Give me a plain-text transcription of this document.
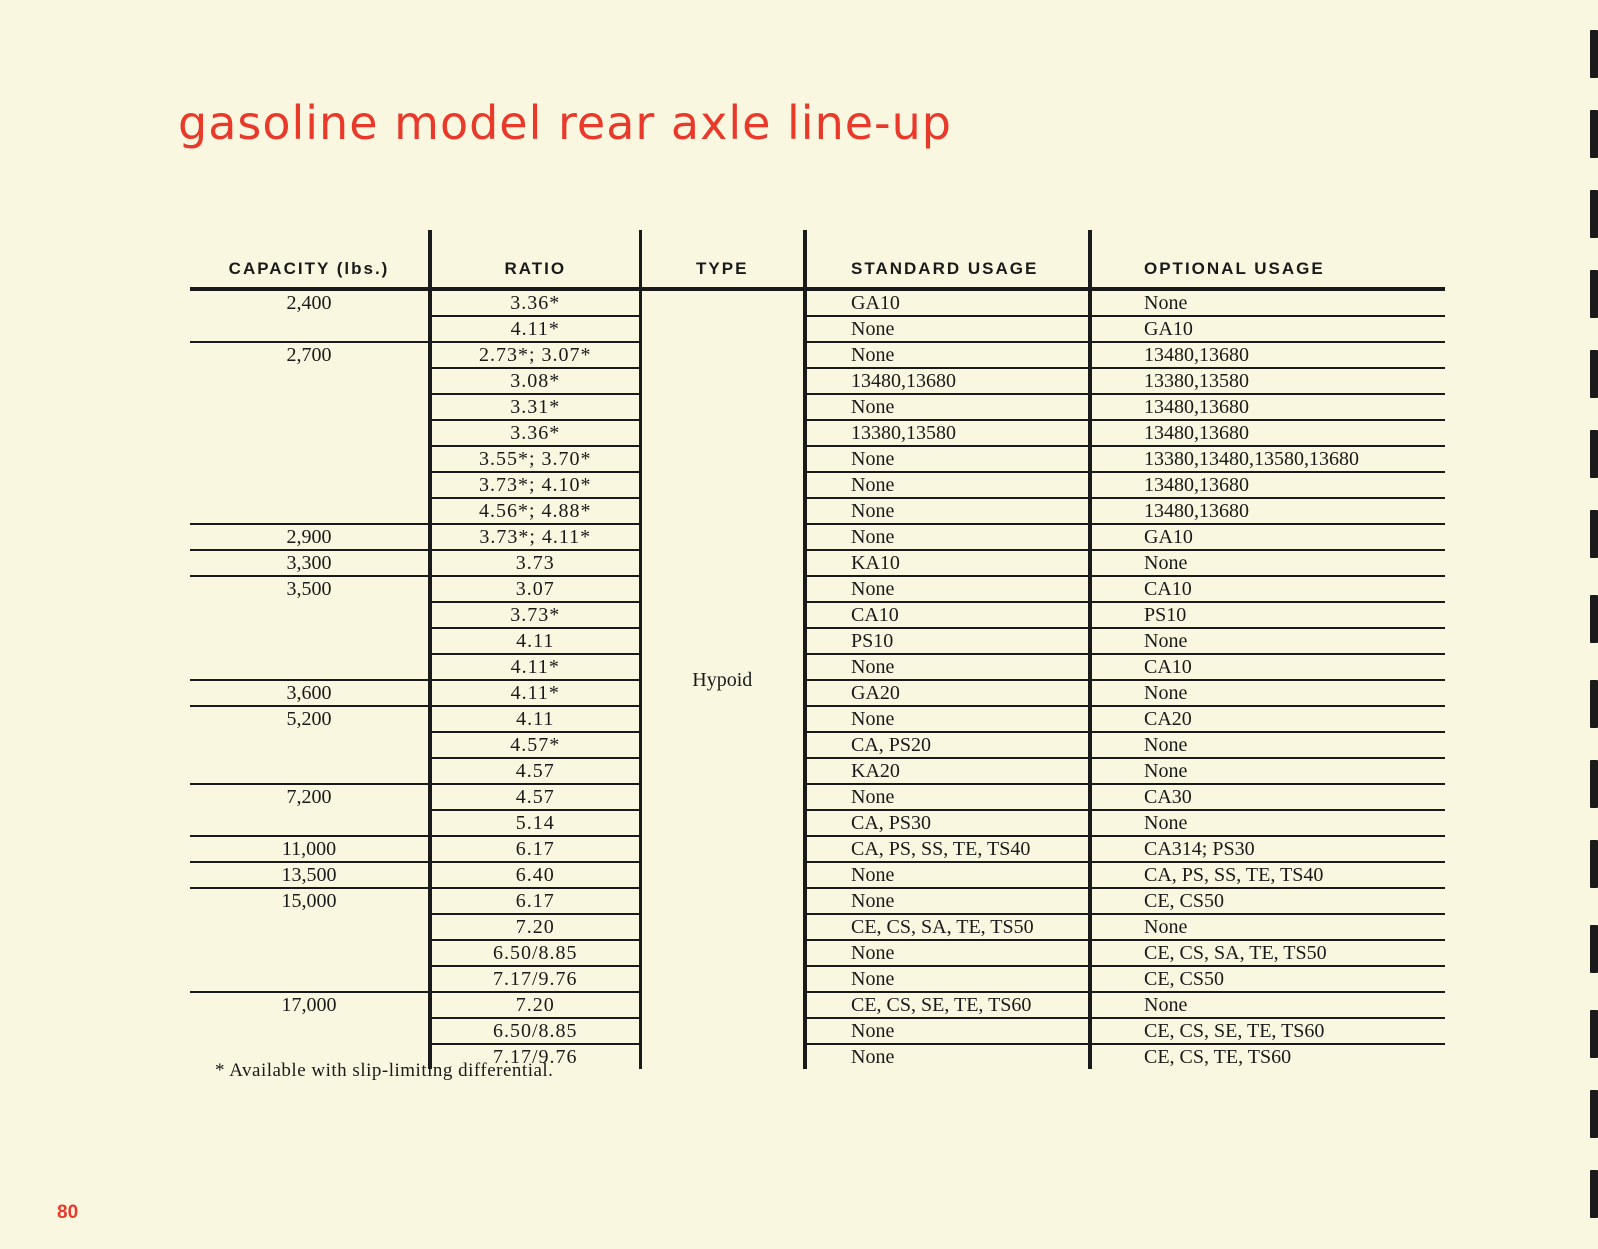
gasoline model rear axle line-up
CAPACITY (lbs.)	RATIO	TYPE	STANDARD USAGE	OPTIONAL USAGE
2,400	3.36*	Hypoid	GA10	None
	4.11*		None	GA10
2,700	2.73*; 3.07*		None	13480,13680
	3.08*		13480,13680	13380,13580
	3.31*		None	13480,13680
	3.36*		13380,13580	13480,13680
	3.55*; 3.70*		None	13380,13480,13580,13680
	3.73*; 4.10*		None	13480,13680
	4.56*; 4.88*		None	13480,13680
2,900	3.73*; 4.11*		None	GA10
3,300	3.73		KA10	None
3,500	3.07		None	CA10
	3.73*		CA10	PS10
	4.11		PS10	None
	4.11*		None	CA10
3,600	4.11*		GA20	None
5,200	4.11		None	CA20
	4.57*		CA, PS20	None
	4.57		KA20	None
7,200	4.57		None	CA30
	5.14		CA, PS30	None
11,000	6.17		CA, PS, SS, TE, TS40	CA314; PS30
13,500	6.40		None	CA, PS, SS, TE, TS40
15,000	6.17		None	CE, CS50
	7.20		CE, CS, SA, TE, TS50	None
	6.50/8.85		None	CE, CS, SA, TE, TS50
	7.17/9.76		None	CE, CS50
17,000	7.20		CE, CS, SE, TE, TS60	None
	6.50/8.85		None	CE, CS, SE, TE, TS60
	7.17/9.76		None	CE, CS, TE, TS60
* Available with slip-limiting differential.
80
